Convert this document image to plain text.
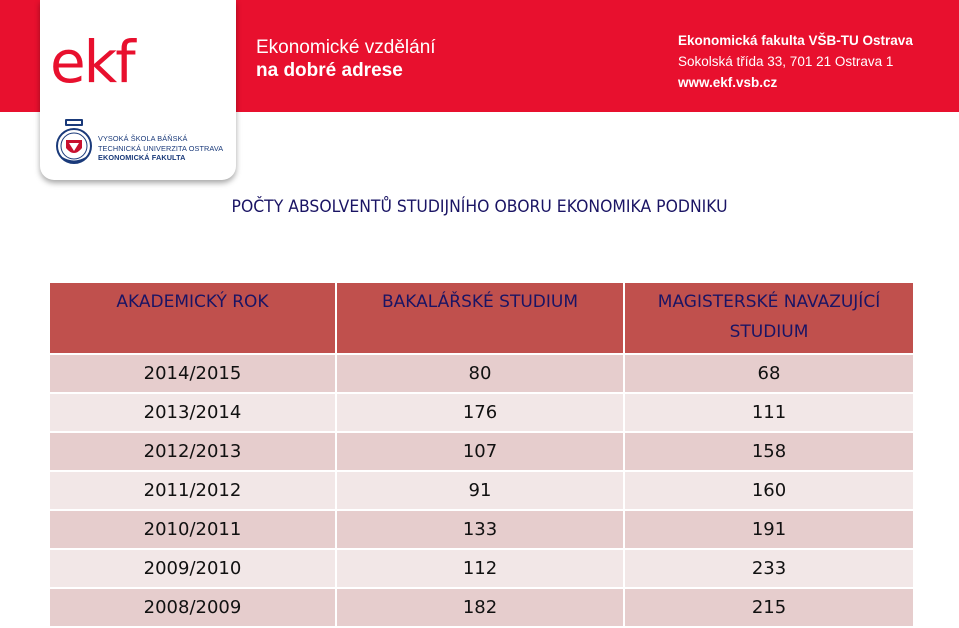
Ekonomické vzdělání
na dobré adrese
Ekonomická fakulta VŠB-TU Ostrava
Sokolská třída 33, 701 21 Ostrava 1
www.ekf.vsb.cz
ekf
VYSOKÁ ŠKOLA BÁŇSKÁ
TECHNICKÁ UNIVERZITA OSTRAVA
EKONOMICKÁ FAKULTA
POČTY ABSOLVENTŮ STUDIJNÍHO OBORU EKONOMIKA PODNIKU
AKADEMICKÝ ROK	BAKALÁŘSKÉ STUDIUM	MAGISTERSKÉ NAVAZUJÍCÍ STUDIUM
2014/2015	80	68
2013/2014	176	111
2012/2013	107	158
2011/2012	91	160
2010/2011	133	191
2009/2010	112	233
2008/2009	182	215
